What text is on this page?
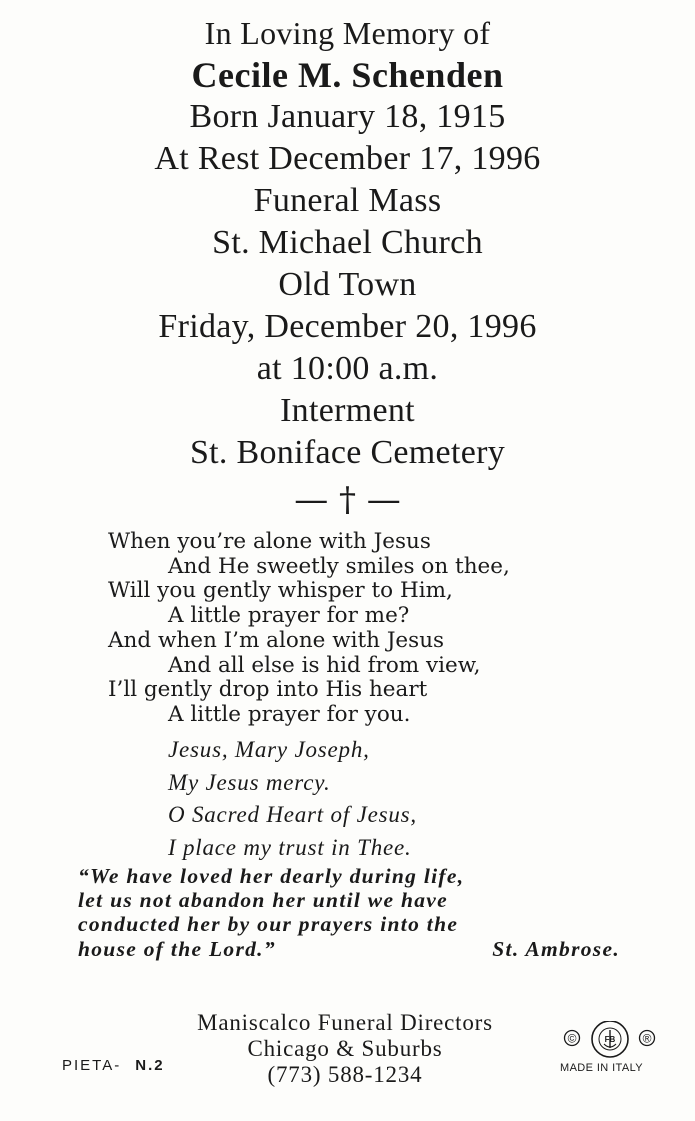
In Loving Memory of
Cecile M. Schenden
Born January 18, 1915
At Rest December 17, 1996
Funeral Mass
St. Michael Church
Old Town
Friday, December 20, 1996
at 10:00 a.m.
Interment
St. Boniface Cemetery
— † —
When you’re alone with Jesus
And He sweetly smiles on thee,
Will you gently whisper to Him,
A little prayer for me?
And when I’m alone with Jesus
And all else is hid from view,
I’ll gently drop into His heart
A little prayer for you.
Jesus, Mary Joseph,
My Jesus mercy.
O Sacred Heart of Jesus,
I place my trust in Thee.
“We have loved her dearly during life,
let us not abandon her until we have
conducted her by our prayers into the
house of the Lord.”	St. Ambrose.
Maniscalco Funeral Directors
Chicago & Suburbs
(773) 588-1234
PIETA- N.2
©	FB ®
MADE IN ITALY
